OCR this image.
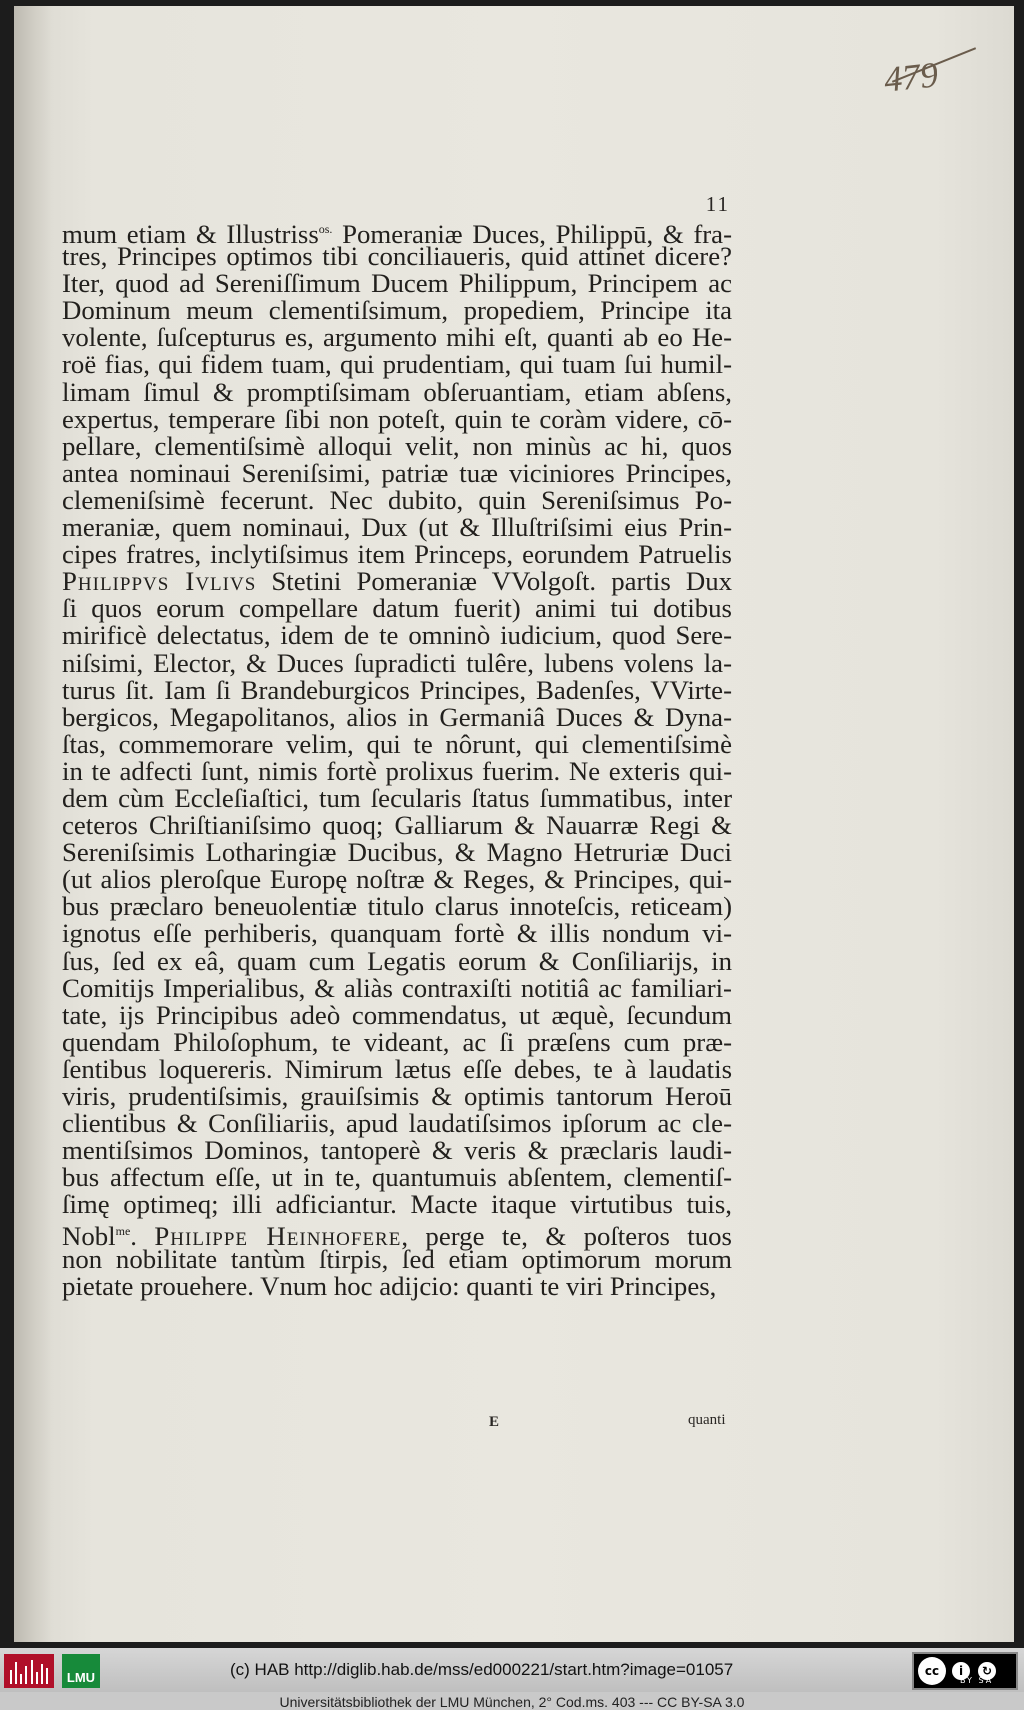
479
11
mum etiam & Illustriss$^{os.}$ Pomeraniæ Duces, Philippū, & fra-
tres, Principes optimos tibi conciliaueris, quid attinet dicere?
Iter, quod ad Sereniſſimum Ducem Philippum, Principem ac
Dominum meum clementiſsimum, propediem, Principe ita
volente, ſuſcepturus es, argumento mihi eſt, quanti ab eo He-
roë fias, qui fidem tuam, qui prudentiam, qui tuam ſui humil-
limam ſimul & promptiſsimam obſeruantiam, etiam abſens,
expertus, temperare ſibi non poteſt, quin te coràm videre, cō-
pellare, clementiſsimè alloqui velit, non minùs ac hi, quos
antea nominaui Sereniſsimi, patriæ tuæ viciniores Principes,
clemeniſsimè fecerunt. Nec dubito, quin Sereniſsimus Po-
meraniæ, quem nominaui, Dux (ut & Illuſtriſsimi eius Prin-
cipes fratres, inclytiſsimus item Princeps, eorundem Patruelis
Philippvs Ivlivs Stetini Pomeraniæ VVolgoſt. partis Dux
ſi quos eorum compellare datum fuerit) animi tui dotibus
mirificè delectatus, idem de te omninò iudicium, quod Sere-
niſsimi, Elector, & Duces ſupradicti tulêre, lubens volens la-
turus ſit. Iam ſi Brandeburgicos Principes, Badenſes, VVirte-
bergicos, Megapolitanos, alios in Germaniâ Duces & Dyna-
ſtas, commemorare velim, qui te nôrunt, qui clementiſsimè
in te adfecti ſunt, nimis fortè prolixus fuerim. Ne exteris qui-
dem cùm Eccleſiaſtici, tum ſecularis ſtatus ſummatibus, inter
ceteros Chriſtianiſsimo quoq; Galliarum & Nauarræ Regi &
Sereniſsimis Lotharingiæ Ducibus, & Magno Hetruriæ Duci
(ut alios pleroſque Europę noſtræ & Reges, & Principes, qui-
bus præclaro beneuolentiæ titulo clarus innoteſcis, reticeam)
ignotus eſſe perhiberis, quanquam fortè & illis nondum vi-
ſus, ſed ex eâ, quam cum Legatis eorum & Conſiliarijs, in
Comitijs Imperialibus, & aliàs contraxiſti notitiâ ac familiari-
tate, ijs Principibus adeò commendatus, ut æquè, ſecundum
quendam Philoſophum, te videant, ac ſi præſens cum præ-
ſentibus loquereris. Nimirum lætus eſſe debes, te à laudatis
viris, prudentiſsimis, grauiſsimis & optimis tantorum Heroū
clientibus & Conſiliariis, apud laudatiſsimos ipſorum ac cle-
mentiſsimos Dominos, tantoperè & veris & præclaris laudi-
bus affectum eſſe, ut in te, quantumuis abſentem, clementiſ-
ſimę optimeq; illi adficiantur. Macte itaque virtutibus tuis,
Nobl$^{me}$. Philippe Heinhofere, perge te, & poſteros tuos
non nobilitate tantùm ſtirpis, ſed etiam optimorum morum
pietate prouehere. Vnum hoc adijcio: quanti te viri Principes,
E	quanti
LMU	(c) HAB http://diglib.hab.de/mss/ed000221/start.htm?image=01057	cc	i	↻
BY SA
Universitätsbibliothek der LMU München, 2° Cod.ms. 403 --- CC BY-SA 3.0
